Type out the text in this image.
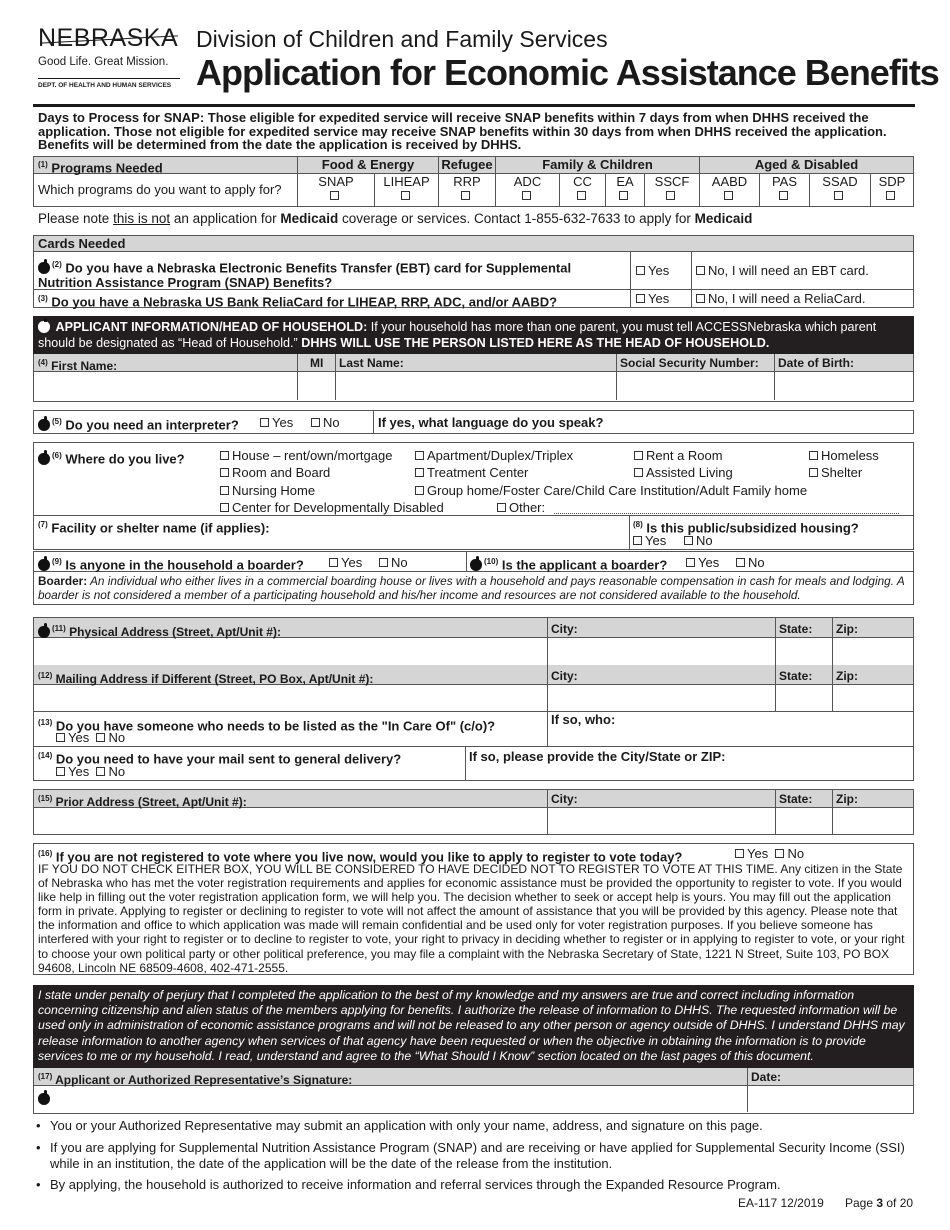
NEBRASKA
Good Life. Great Mission.
DEPT. OF HEALTH AND HUMAN SERVICES
Division of Children and Family Services
Application for Economic Assistance Benefits
Days to Process for SNAP: Those eligible for expedited service will receive SNAP benefits within 7 days from when DHHS received the application. Those not eligible for expedited service may receive SNAP benefits within 30 days from when DHHS received the application. Benefits will be determined from the date the application is received by DHHS.
$^{(1)}$ Programs Needed	Food & Energy	Refugee	Family & Children	Aged & Disabled
Which programs do you want to apply for?
SNAP	LIHEAP	RRP	ADC	CC	EA	SSCF	AABD	PAS	SSAD	SDP

Please note this is not an application for Medicaid coverage or services. Contact 1-855-632-7633 to apply for Medicaid
Cards Needed
$^{(2)}$ Do you have a Nebraska Electronic Benefits Transfer (EBT) card for Supplemental Nutrition Assistance Program (SNAP) Benefits?
Yes	No, I will need an EBT card.
$^{(3)}$ Do you have a Nebraska US Bank ReliaCard for LIHEAP, RRP, ADC, and/or AABD?	Yes	No, I will need a ReliaCard.
APPLICANT INFORMATION/HEAD OF HOUSEHOLD: If your household has more than one parent, you must tell ACCESSNebraska which parent should be designated as “Head of Household.” DHHS WILL USE THE PERSON LISTED HERE AS THE HEAD OF HOUSEHOLD.
$^{(4)}$ First Name:	MI Last Name:	Social Security Number: Date of Birth:
$^{(5)}$ Do you need an interpreter?	Yes	No	If yes, what language do you speak?
$^{(6)}$ Where do you live?	House – rent/own/mortgage	Apartment/Duplex/Triplex	Rent a Room	Homeless
Room and Board	Treatment Center	Assisted Living	Shelter
Nursing Home	Group home/Foster Care/Child Care Institution/Adult Family home
Center for Developmentally Disabled	Other:
$^{(7)}$ Facility or shelter name (if applies):	$^{(8)}$ Is this public/subsidized housing?
Yes	No
$^{(9)}$ Is anyone in the household a boarder?	Yes	No	$^{(10)}$ Is the applicant a boarder?	Yes	No
Boarder: An individual who either lives in a commercial boarding house or lives with a household and pays reasonable compensation in cash for meals and lodging. A boarder is not considered a member of a participating household and his/her income and resources are not considered available to the household.
$^{(11)}$ Physical Address (Street, Apt/Unit #):	City:	State: Zip:
$^{(12)}$ Mailing Address if Different (Street, PO Box, Apt/Unit #):	City:	State: Zip:
$^{(13)}$ Do you have someone who needs to be listed as the "In Care Of" (c/o)?
Yes No
If so, who:
$^{(14)}$ Do you need to have your mail sent to general delivery?
Yes No
If so, please provide the City/State or ZIP:
$^{(15)}$ Prior Address (Street, Apt/Unit #):	City:	State: Zip:
$^{(16)}$ If you are not registered to vote where you live now, would you like to apply to register to vote today?	Yes No
IF YOU DO NOT CHECK EITHER BOX, YOU WILL BE CONSIDERED TO HAVE DECIDED NOT TO REGISTER TO VOTE AT THIS TIME. Any citizen in the State of Nebraska who has met the voter registration requirements and applies for economic assistance must be provided the opportunity to register to vote. If you would like help in filling out the voter registration application form, we will help you. The decision whether to seek or accept help is yours. You may fill out the application form in private. Applying to register or declining to register to vote will not affect the amount of assistance that you will be provided by this agency. Please note that the information and office to which application was made will remain confidential and be used only for voter registration purposes. If you believe someone has interfered with your right to register or to decline to register to vote, your right to privacy in deciding whether to register or in applying to register to vote, or your right to choose your own political party or other political preference, you may file a complaint with the Nebraska Secretary of State, 1221 N Street, Suite 103, PO BOX 94608, Lincoln NE 68509-4608, 402-471-2555.
I state under penalty of perjury that I completed the application to the best of my knowledge and my answers are true and correct including information concerning citizenship and alien status of the members applying for benefits. I authorize the release of information to DHHS. The requested information will be used only in administration of economic assistance programs and will not be released to any other person or agency outside of DHHS. I understand DHHS may release information to another agency when services of that agency have been requested or when the objective in obtaining the information is to provide services to me or my household. I read, understand and agree to the “What Should I Know” section located on the last pages of this document.
$^{(17)}$ Applicant or Authorized Representative’s Signature:	Date:
• You or your Authorized Representative may submit an application with only your name, address, and signature on this page.
• If you are applying for Supplemental Nutrition Assistance Program (SNAP) and are receiving or have applied for Supplemental Security Income (SSI) while in an institution, the date of the application will be the date of the release from the institution.
• By applying, the household is authorized to receive information and referral services through the Expanded Resource Program.
EA-117 12/2019 Page 3 of 20
